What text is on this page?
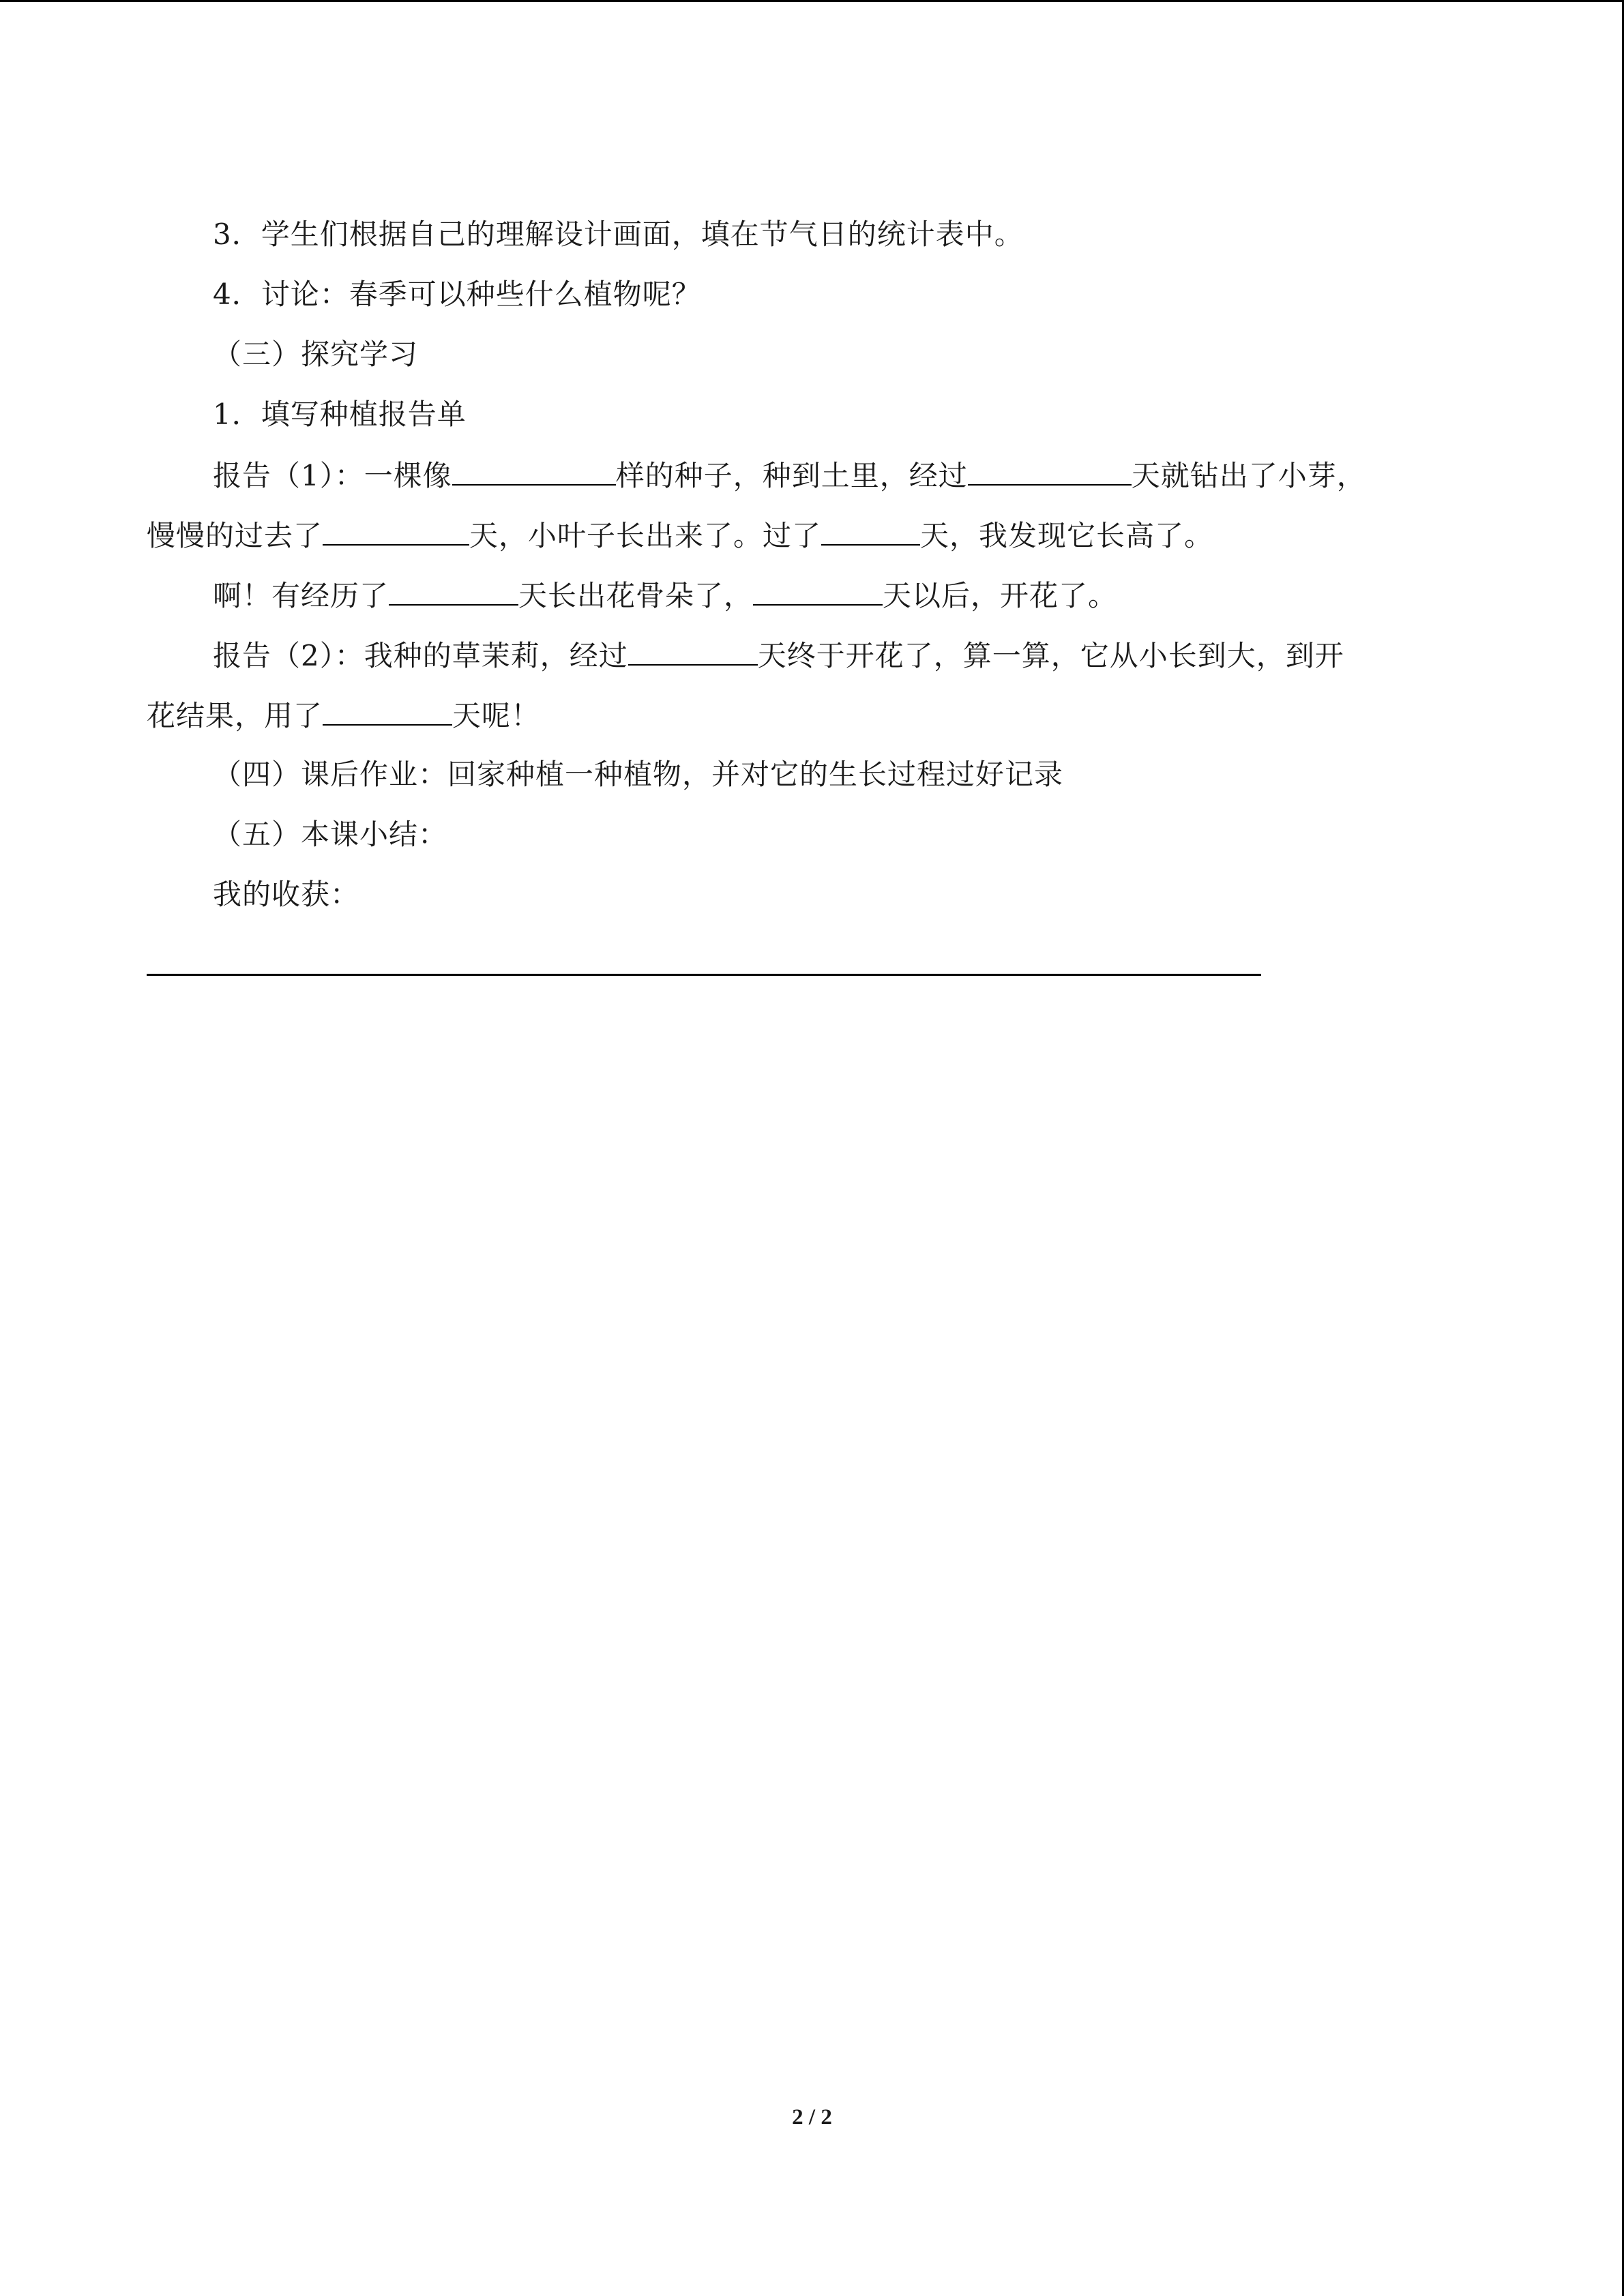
3．学生们根据自己的理解设计画面，填在节气日的统计表中。
4．讨论：春季可以种些什么植物呢？
（三）探究学习
1．填写种植报告单
报告（1）：一棵像	样的种子，种到土里，经过	天就钻出了小芽，
慢慢的过去了	天，小叶子长出来了。过了	天，我发现它长高了。
啊！有经历了	天长出花骨朵了，	天以后，开花了。
报告（2）：我种的草茉莉，经过	天终于开花了，算一算，它从小长到大，到开
花结果，用了	天呢！
（四）课后作业：回家种植一种植物，并对它的生长过程过好记录
（五）本课小结：
我的收获：
2 / 2
